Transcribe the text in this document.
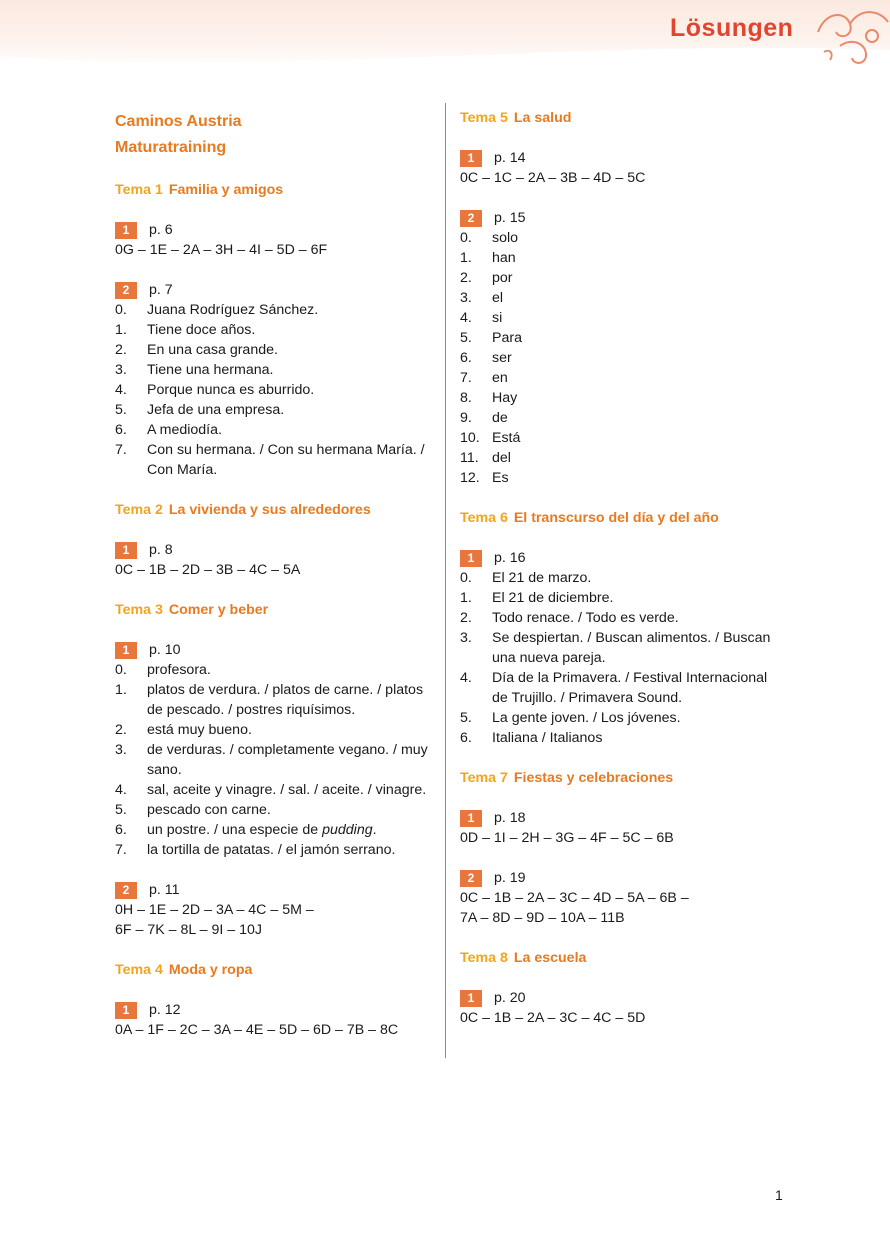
Lösungen
Caminos Austria
Maturatraining
Tema 1 Familia y amigos
1 p. 6
0G – 1E – 2A – 3H – 4I – 5D – 6F
2 p. 7
0.	Juana Rodríguez Sánchez.
1.	Tiene doce años.
2.	En una casa grande.
3.	Tiene una hermana.
4.	Porque nunca es aburrido.
5.	Jefa de una empresa.
6.	A mediodía.
7.	Con su hermana. / Con su hermana María. / Con María.
Tema 2 La vivienda y sus alrededores
1 p. 8
0C – 1B – 2D – 3B – 4C – 5A
Tema 3 Comer y beber
1 p. 10
0.	profesora.
1.	platos de verdura. / platos de carne. / platos de pescado. / postres riquísimos.
2.	está muy bueno.
3.	de verduras. / completamente vegano. / muy sano.
4.	sal, aceite y vinagre. / sal. / aceite. / vinagre.
5.	pescado con carne.
6.	un postre. / una especie de pudding.
7.	la tortilla de patatas. / el jamón serrano.
2 p. 11
0H – 1E – 2D – 3A – 4C – 5M –
6F – 7K – 8L – 9I – 10J
Tema 4 Moda y ropa
1 p. 12
0A – 1F – 2C – 3A – 4E – 5D – 6D – 7B – 8C
Tema 5 La salud
1 p. 14
0C – 1C – 2A – 3B – 4D – 5C
2 p. 15
0.	solo
1.	han
2.	por
3.	el
4.	si
5.	Para
6.	ser
7.	en
8.	Hay
9.	de
10. Está
11. del
12. Es
Tema 6 El transcurso del día y del año
1 p. 16
0.	El 21 de marzo.
1.	El 21 de diciembre.
2.	Todo renace. / Todo es verde.
3.	Se despiertan. / Buscan alimentos. / Buscan una nueva pareja.
4.	Día de la Primavera. / Festival Internacional de Trujillo. / Primavera Sound.
5.	La gente joven. / Los jóvenes.
6.	Italiana / Italianos
Tema 7 Fiestas y celebraciones
1 p. 18
0D – 1I – 2H – 3G – 4F – 5C – 6B
2 p. 19
0C – 1B – 2A – 3C – 4D – 5A – 6B –
7A – 8D – 9D – 10A – 11B
Tema 8 La escuela
1 p. 20
0C – 1B – 2A – 3C – 4C – 5D
1
